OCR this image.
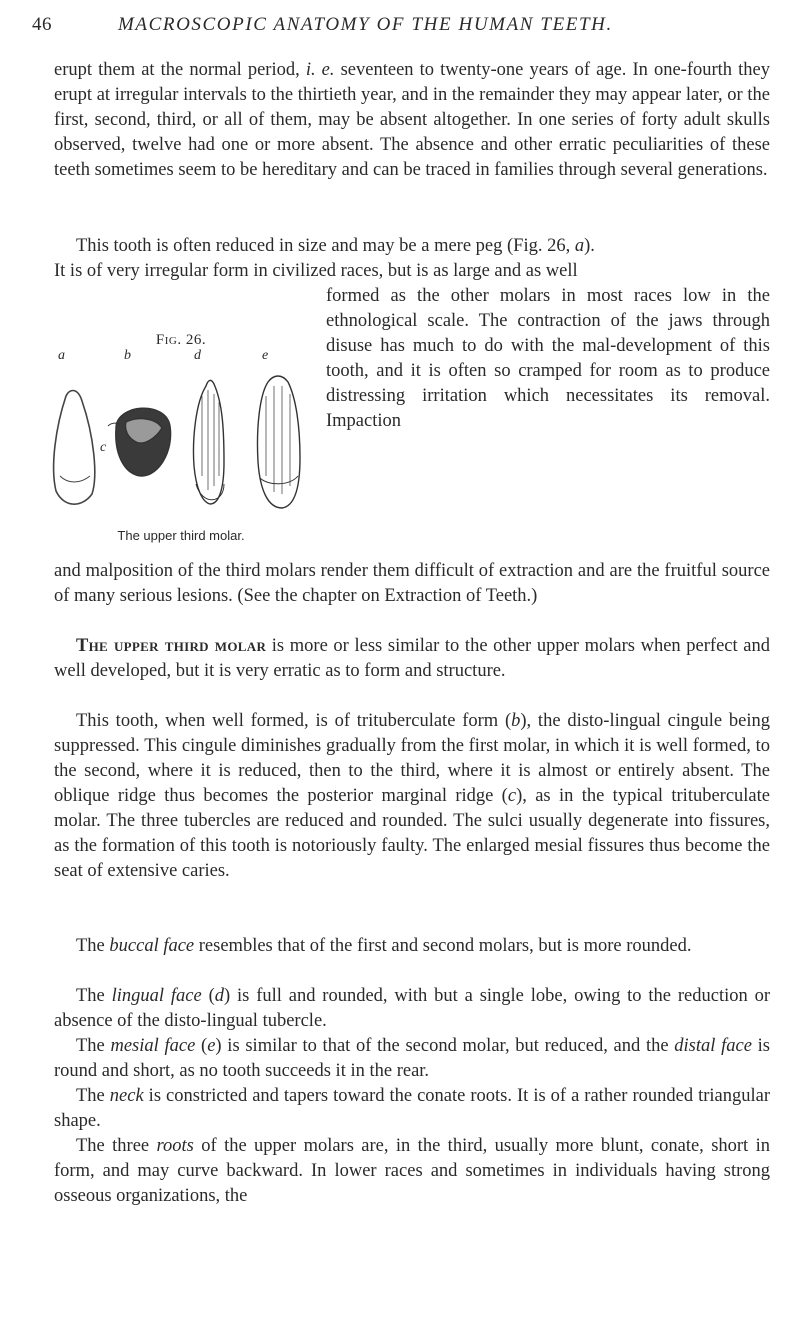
46	MACROSCOPIC ANATOMY OF THE HUMAN TEETH.
erupt them at the normal period, i. e. seventeen to twenty-one years of age. In one-fourth they erupt at irregular intervals to the thirtieth year, and in the remainder they may appear later, or the first, second, third, or all of them, may be absent altogether. In one series of forty adult skulls observed, twelve had one or more absent. The absence and other erratic peculiarities of these teeth sometimes seem to be hereditary and can be traced in families through several generations.
This tooth is often reduced in size and may be a mere peg (Fig. 26, a).
It is of very irregular form in civilized races, but is as large and as well
formed as the other molars in most races low in the ethnological scale. The contraction of the jaws through disuse has much to do with the mal-development of this tooth, and it is often so cramped for room as to produce distressing irritation which necessitates its removal. Impaction
Fig. 26.
a	b	d	e
c
The upper third molar.
and malposition of the third molars render them difficult of extraction and are the fruitful source of many serious lesions. (See the chapter on Extraction of Teeth.)
The upper third molar is more or less similar to the other upper molars when perfect and well developed, but it is very erratic as to form and structure.
This tooth, when well formed, is of trituberculate form (b), the disto-lingual cingule being suppressed. This cingule diminishes gradually from the first molar, in which it is well formed, to the second, where it is reduced, then to the third, where it is almost or entirely absent. The oblique ridge thus becomes the posterior marginal ridge (c), as in the typical trituberculate molar. The three tubercles are reduced and rounded. The sulci usually degenerate into fissures, as the formation of this tooth is notoriously faulty. The enlarged mesial fissures thus become the seat of extensive caries.
The buccal face resembles that of the first and second molars, but is more rounded.
The lingual face (d) is full and rounded, with but a single lobe, owing to the reduction or absence of the disto-lingual tubercle.
The mesial face (e) is similar to that of the second molar, but reduced, and the distal face is round and short, as no tooth succeeds it in the rear.
The neck is constricted and tapers toward the conate roots. It is of a rather rounded triangular shape.
The three roots of the upper molars are, in the third, usually more blunt, conate, short in form, and may curve backward. In lower races and sometimes in individuals having strong osseous organizations, the
